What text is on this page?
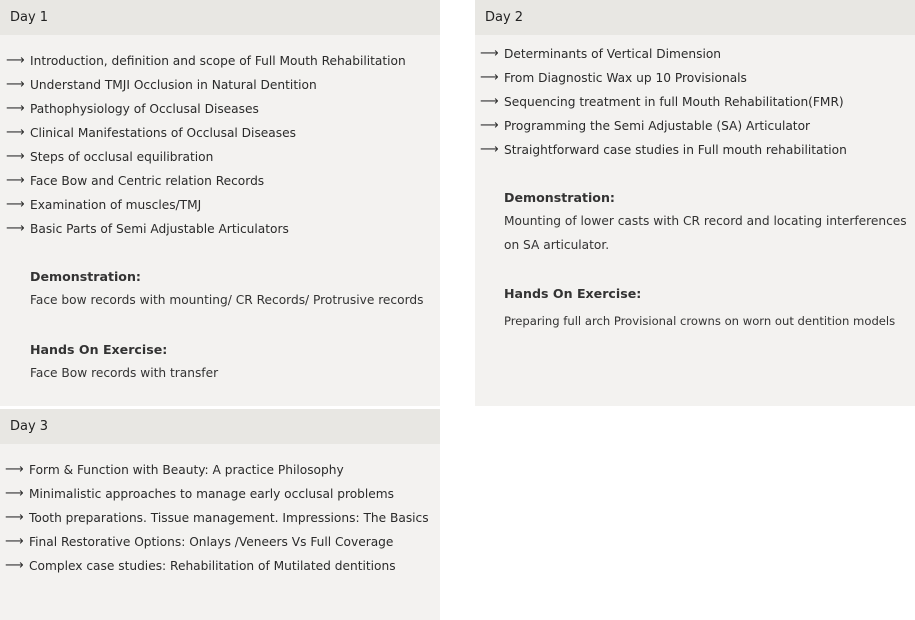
Day 1
⟶ Introduction, definition and scope of Full Mouth Rehabilitation
⟶ Understand TMJI Occlusion in Natural Dentition
⟶ Pathophysiology of Occlusal Diseases
⟶ Clinical Manifestations of Occlusal Diseases
⟶ Steps of occlusal equilibration
⟶ Face Bow and Centric relation Records
⟶ Examination of muscles/TMJ
⟶ Basic Parts of Semi Adjustable Articulators
Demonstration:
Face bow records with mounting/ CR Records/ Protrusive records
Hands On Exercise:
Face Bow records with transfer
Day 2
⟶ Determinants of Vertical Dimension
⟶ From Diagnostic Wax up 10 Provisionals
⟶ Sequencing treatment in full Mouth Rehabilitation(FMR)
⟶ Programming the Semi Adjustable (SA) Articulator
⟶ Straightforward case studies in Full mouth rehabilitation
Demonstration:
Mounting of lower casts with CR record and locating interferences on SA articulator.
Hands On Exercise:
Preparing full arch Provisional crowns on worn out dentition models
Day 3
⟶ Form & Function with Beauty: A practice Philosophy
⟶ Minimalistic approaches to manage early occlusal problems
⟶ Tooth preparations. Tissue management. Impressions: The Basics
⟶ Final Restorative Options: Onlays /Veneers Vs Full Coverage
⟶ Complex case studies: Rehabilitation of Mutilated dentitions
